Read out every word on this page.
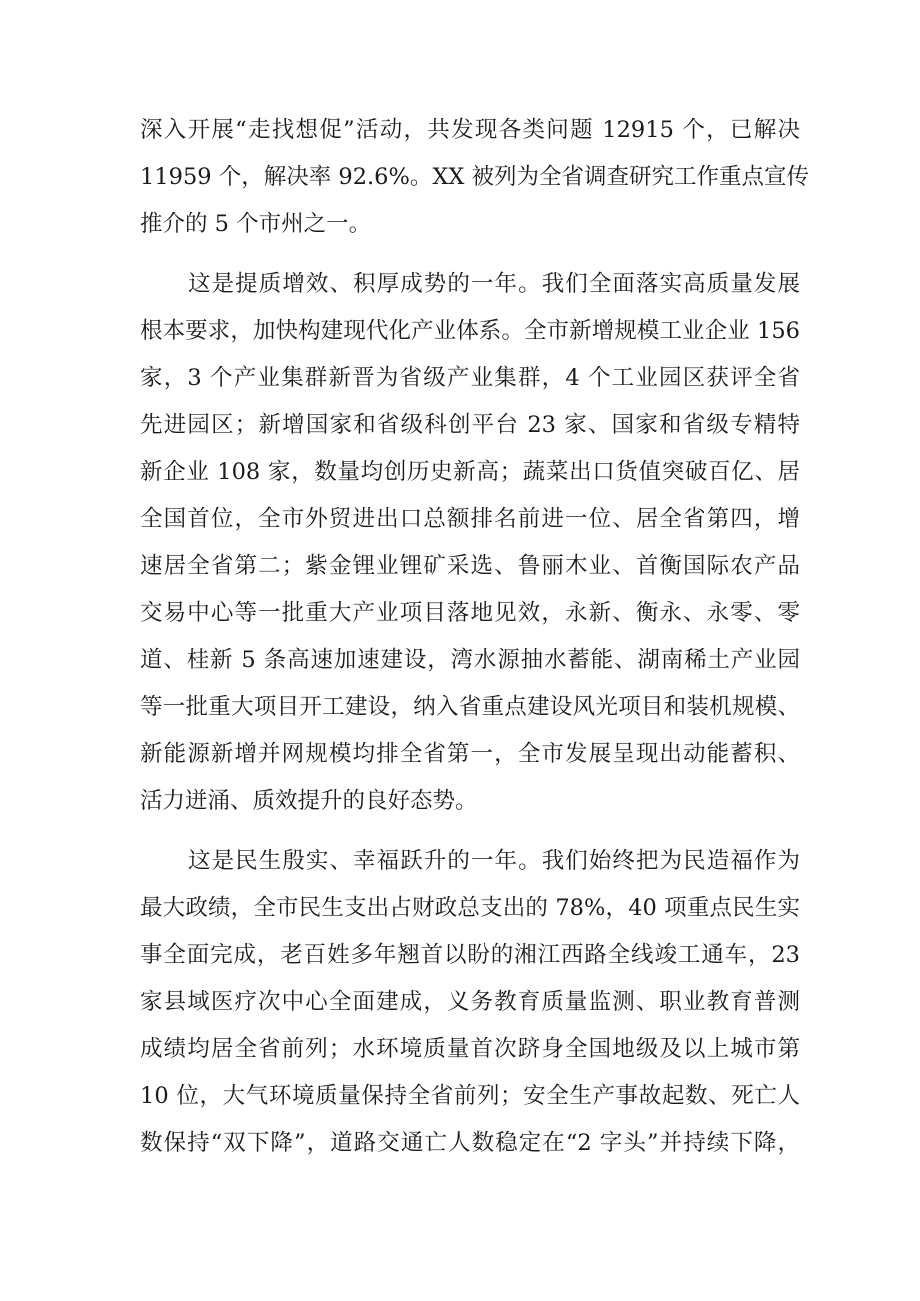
深入开展“走找想促”活动，共发现各类问题 12915 个，已解决

11959 个，解决率 92.6%。XX 被列为全省调查研究工作重点宣传

推介的 5 个市州之一。

这是提质增效、积厚成势的一年。我们全面落实高质量发展

根本要求，加快构建现代化产业体系。全市新增规模工业企业 156

家，3 个产业集群新晋为省级产业集群，4 个工业园区获评全省

先进园区；新增国家和省级科创平台 23 家、国家和省级专精特

新企业 108 家，数量均创历史新高；蔬菜出口货值突破百亿、居

全国首位，全市外贸进出口总额排名前进一位、居全省第四，增

速居全省第二；紫金锂业锂矿采选、鲁丽木业、首衡国际农产品

交易中心等一批重大产业项目落地见效，永新、衡永、永零、零

道、桂新 5 条高速加速建设，湾水源抽水蓄能、湖南稀土产业园

等一批重大项目开工建设，纳入省重点建设风光项目和装机规模、

新能源新增并网规模均排全省第一，全市发展呈现出动能蓄积、

活力迸涌、质效提升的良好态势。

这是民生殷实、幸福跃升的一年。我们始终把为民造福作为

最大政绩，全市民生支出占财政总支出的 78%，40 项重点民生实

事全面完成，老百姓多年翘首以盼的湘江西路全线竣工通车，23

家县域医疗次中心全面建成，义务教育质量监测、职业教育普测

成绩均居全省前列；水环境质量首次跻身全国地级及以上城市第

10 位，大气环境质量保持全省前列；安全生产事故起数、死亡人

数保持“双下降”，道路交通亡人数稳定在“2 字头”并持续下降，
